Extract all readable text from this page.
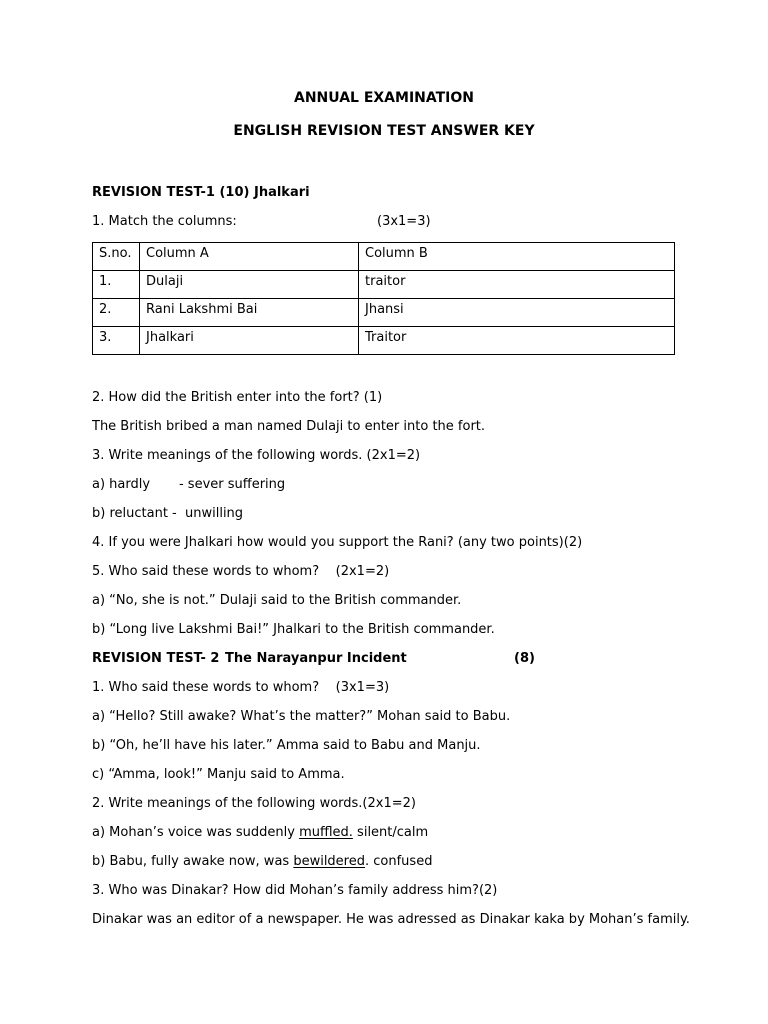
ANNUAL EXAMINATION
ENGLISH REVISION TEST ANSWER KEY
REVISION TEST-1 (10) Jhalkari
1. Match the columns:	(3x1=3)
S.no.	Column A	Column B
1.	Dulaji	traitor
2.	Rani Lakshmi Bai	Jhansi
3.	Jhalkari	Traitor
2. How did the British enter into the fort? (1)
The British bribed a man named Dulaji to enter into the fort.
3. Write meanings of the following words. (2x1=2)
a) hardly       - sever suffering
b) reluctant -  unwilling
4. If you were Jhalkari how would you support the Rani? (any two points)(2)
5. Who said these words to whom?    (2x1=2)
a) “No, she is not.” Dulaji said to the British commander.
b) “Long live Lakshmi Bai!” Jhalkari to the British commander.
REVISION TEST- 2 The Narayanpur Incident	(8)
1. Who said these words to whom?    (3x1=3)
a) “Hello? Still awake? What’s the matter?” Mohan said to Babu.
b) “Oh, he’ll have his later.” Amma said to Babu and Manju.
c) “Amma, look!” Manju said to Amma.
2. Write meanings of the following words.(2x1=2)
a) Mohan’s voice was suddenly muffled. silent/calm
b) Babu, fully awake now, was bewildered. confused
3. Who was Dinakar? How did Mohan’s family address him?(2)
Dinakar was an editor of a newspaper. He was adressed as Dinakar kaka by Mohan’s family.
